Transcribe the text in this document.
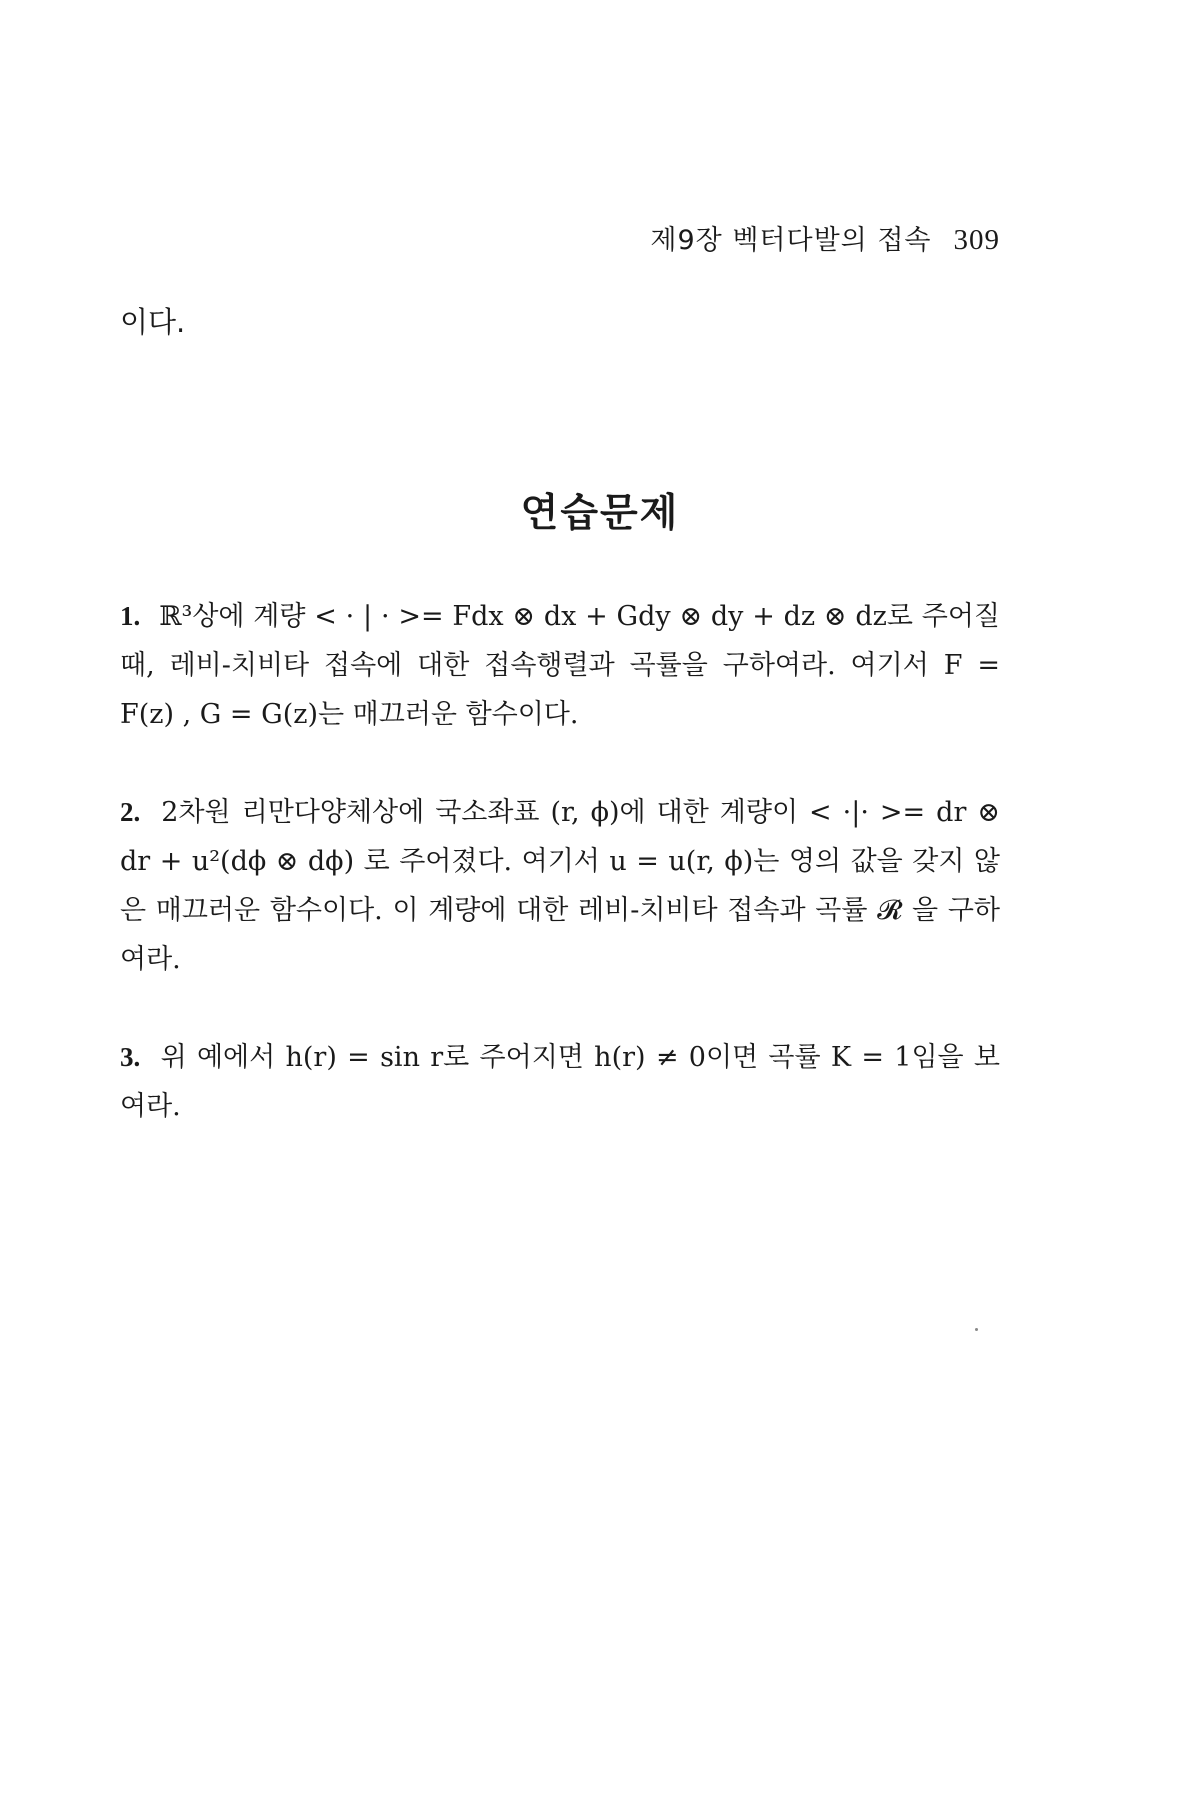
제9장 벡터다발의 접속 309
이다.
연습문제
1. ℝ³상에 계량 < · | · >= Fdx ⊗ dx + Gdy ⊗ dy + dz ⊗ dz로 주어질 때, 레비-치비타 접속에 대한 접속행렬과 곡률을 구하여라. 여기서 F = F(z) , G = G(z)는 매끄러운 함수이다.
2. 2차원 리만다양체상에 국소좌표 (r, ϕ)에 대한 계량이 < ·|· >= dr ⊗ dr + u²(dϕ ⊗ dϕ) 로 주어졌다. 여기서 u = u(r, ϕ)는 영의 값을 갖지 않은 매끄러운 함수이다. 이 계량에 대한 레비-치비타 접속과 곡률 𝓡 을 구하여라.
3. 위 예에서 h(r) = sin r로 주어지면 h(r) ≠ 0이면 곡률 K = 1임을 보여라.
